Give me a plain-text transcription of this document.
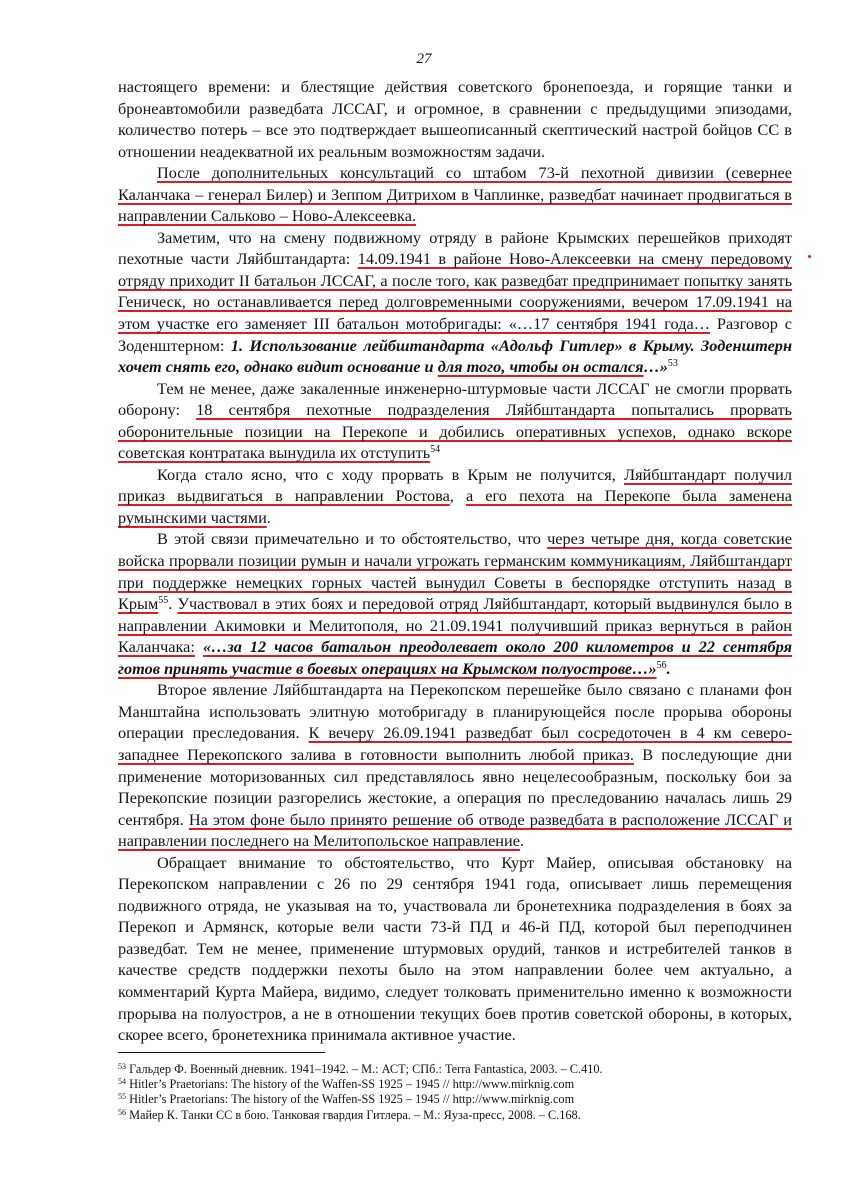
27

настоящего времени: и блестящие действия советского бронепоезда, и горящие танки и бронеавтомобили разведбата ЛССАГ, и огромное, в сравнении с предыдущими эпизодами, количество потерь – все это подтверждает вышеописанный скептический настрой бойцов СС в отношении неадекватной их реальным возможностям задачи.

После дополнительных консультаций со штабом 73-й пехотной дивизии (севернее Каланчака – генерал Билер) и Зеппом Дитрихом в Чаплинке, разведбат начинает продвигаться в направлении Сальково – Ново-Алексеевка.

Заметим, что на смену подвижному отряду в районе Крымских перешейков приходят пехотные части Ляйбштандарта: 14.09.1941 в районе Ново-Алексеевки на смену передовому отряду приходит II батальон ЛССАГ, а после того, как разведбат предпринимает попытку занять Геническ, но останавливается перед долговременными сооружениями, вечером 17.09.1941 на этом участке его заменяет III батальон мотобригады: «…17 сентября 1941 года… Разговор с Зоденштерном: 1. Использование лейбштандарта «Адольф Гитлер» в Крыму. Зоденштерн хочет снять его, однако видит основание и для того, чтобы он остался…»$^{53}$

Тем не менее, даже закаленные инженерно-штурмовые части ЛССАГ не смогли прорвать оборону: 18 сентября пехотные подразделения Ляйбштандарта попытались прорвать оборонительные позиции на Перекопе и добились оперативных успехов, однако вскоре советская контратака вынудила их отступить$^{54}$

Когда стало ясно, что с ходу прорвать в Крым не получится, Ляйбштандарт получил приказ выдвигаться в направлении Ростова, а его пехота на Перекопе была заменена румынскими частями.

В этой связи примечательно и то обстоятельство, что через четыре дня, когда советские войска прорвали позиции румын и начали угрожать германским коммуникациям, Ляйбштандарт при поддержке немецких горных частей вынудил Советы в беспорядке отступить назад в Крым$^{55}$. Участвовал в этих боях и передовой отряд Ляйбштандарт, который выдвинулся было в направлении Акимовки и Мелитополя, но 21.09.1941 получивший приказ вернуться в район Каланчака: «…за 12 часов батальон преодолевает около 200 километров и 22 сентября готов принять участие в боевых операциях на Крымском полуострове…»$^{56}$.

Второе явление Ляйбштандарта на Перекопском перешейке было связано с планами фон Манштайна использовать элитную мотобригаду в планирующейся после прорыва обороны операции преследования. К вечеру 26.09.1941 разведбат был сосредоточен в 4 км северо-западнее Перекопского залива в готовности выполнить любой приказ. В последующие дни применение моторизованных сил представлялось явно нецелесообразным, поскольку бои за Перекопские позиции разгорелись жестокие, а операция по преследованию началась лишь 29 сентября. На этом фоне было принято решение об отводе разведбата в расположение ЛССАГ и направлении последнего на Мелитопольское направление.

Обращает внимание то обстоятельство, что Курт Майер, описывая обстановку на Перекопском направлении с 26 по 29 сентября 1941 года, описывает лишь перемещения подвижного отряда, не указывая на то, участвовала ли бронетехника подразделения в боях за Перекоп и Армянск, которые вели части 73-й ПД и 46-й ПД, которой был переподчинен разведбат. Тем не менее, применение штурмовых орудий, танков и истребителей танков в качестве средств поддержки пехоты было на этом направлении более чем актуально, а комментарий Курта Майера, видимо, следует толковать применительно именно к возможности прорыва на полуостров, а не в отношении текущих боев против советской обороны, в которых, скорее всего, бронетехника принимала активное участие.

$^{53}$ Гальдер Ф. Военный дневник. 1941–1942. – М.: АСТ; СПб.: Terra Fantastica, 2003. – С.410.
$^{54}$ Hitler’s Praetorians: The history of the Waffen-SS 1925 – 1945 // http://www.mirknig.com
$^{55}$ Hitler’s Praetorians: The history of the Waffen-SS 1925 – 1945 // http://www.mirknig.com
$^{56}$ Майер К. Танки СС в бою. Танковая гвардия Гитлера. – М.: Яуза-пресс, 2008. – С.168.
